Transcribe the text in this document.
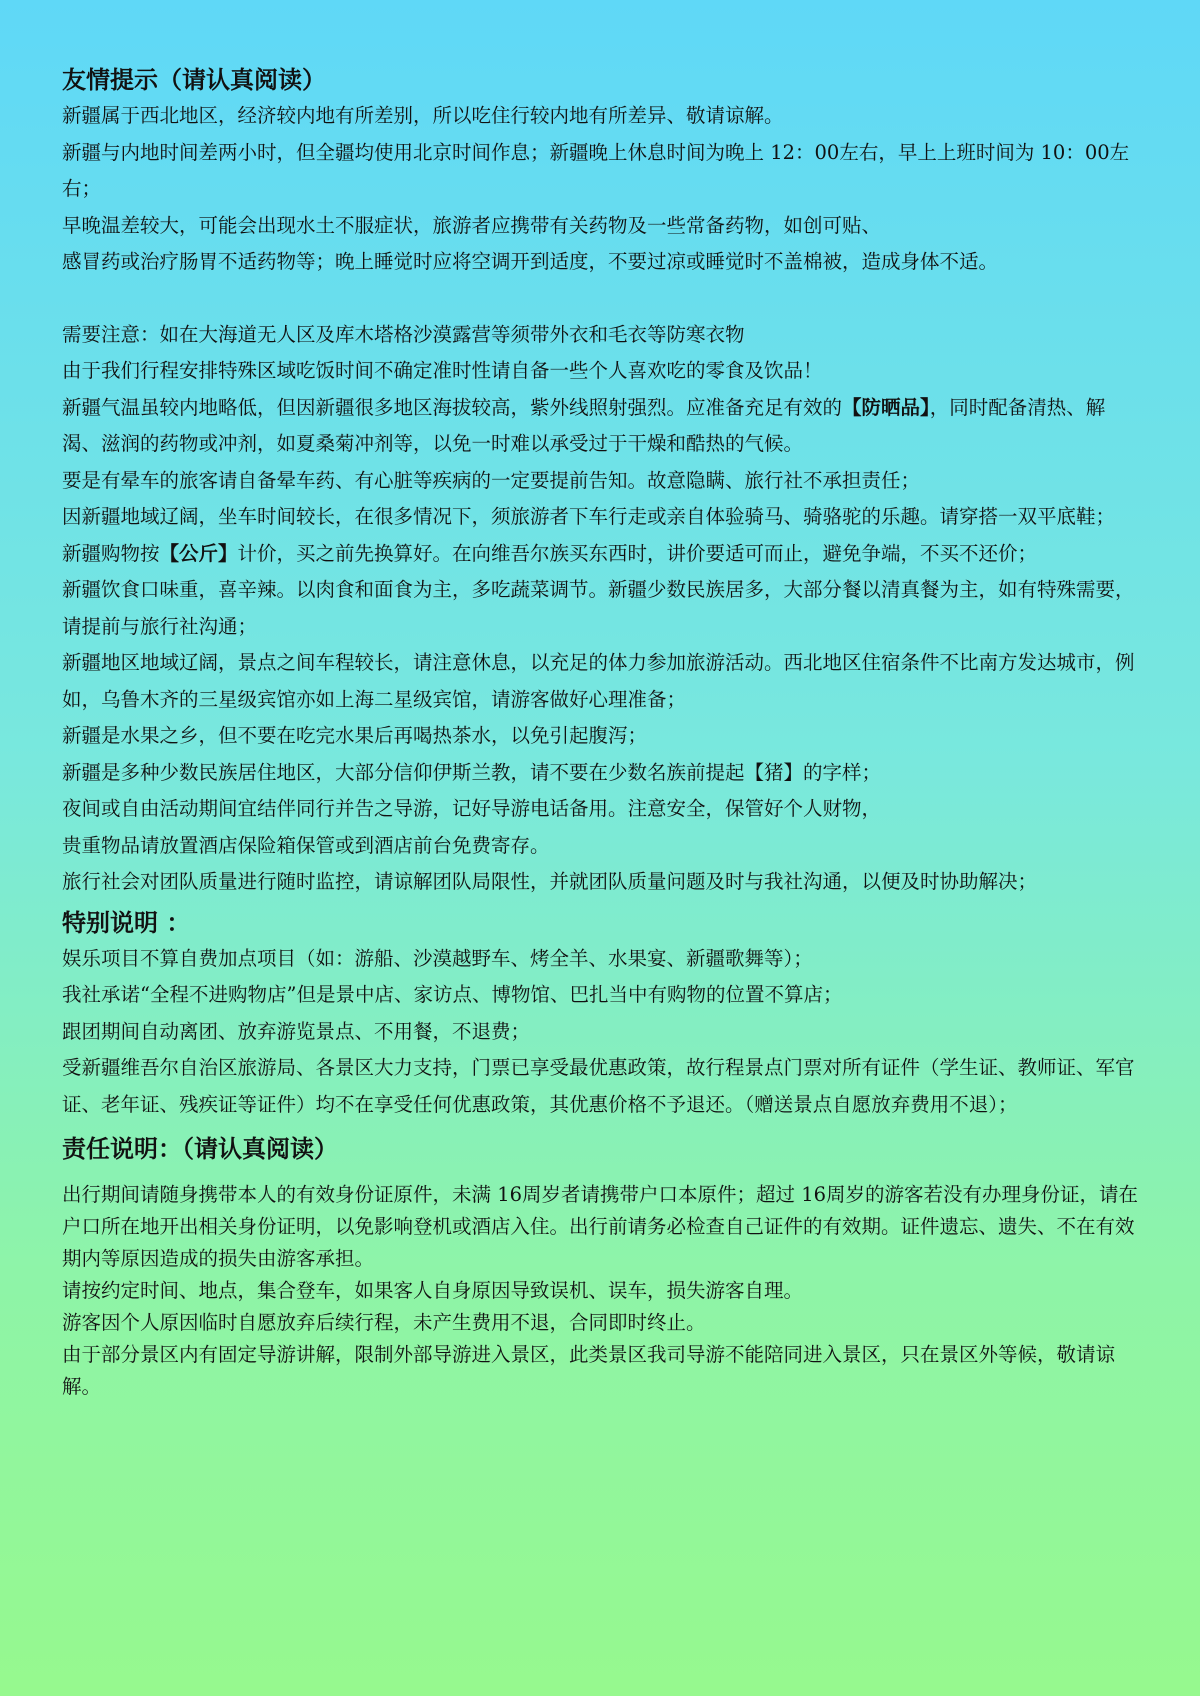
友情提示（请认真阅读）

新疆属于西北地区，经济较内地有所差别，所以吃住行较内地有所差异、敬请谅解。

新疆与内地时间差两小时，但全疆均使用北京时间作息；新疆晚上休息时间为晚上 12：00左右，早上上班时间为 10：00左右；

早晚温差较大，可能会出现水土不服症状，旅游者应携带有关药物及一些常备药物，如创可贴、

感冒药或治疗肠胃不适药物等；晚上睡觉时应将空调开到适度，不要过凉或睡觉时不盖棉被，造成身体不适。

需要注意：如在大海道无人区及库木塔格沙漠露营等须带外衣和毛衣等防寒衣物

由于我们行程安排特殊区域吃饭时间不确定准时性请自备一些个人喜欢吃的零食及饮品！

新疆气温虽较内地略低，但因新疆很多地区海拔较高，紫外线照射强烈。应准备充足有效的【防晒品】，同时配备清热、解渴、滋润的药物或冲剂，如夏桑菊冲剂等，以免一时难以承受过于干燥和酷热的气候。

要是有晕车的旅客请自备晕车药、有心脏等疾病的一定要提前告知。故意隐瞒、旅行社不承担责任；

因新疆地域辽阔，坐车时间较长，在很多情况下，须旅游者下车行走或亲自体验骑马、骑骆驼的乐趣。请穿搭一双平底鞋；

新疆购物按【公斤】计价，买之前先换算好。在向维吾尔族买东西时，讲价要适可而止，避免争端，不买不还价；

新疆饮食口味重，喜辛辣。以肉食和面食为主，多吃蔬菜调节。新疆少数民族居多，大部分餐以清真餐为主，如有特殊需要，请提前与旅行社沟通；

新疆地区地域辽阔，景点之间车程较长，请注意休息，以充足的体力参加旅游活动。西北地区住宿条件不比南方发达城市，例如，乌鲁木齐的三星级宾馆亦如上海二星级宾馆，请游客做好心理准备；

新疆是水果之乡，但不要在吃完水果后再喝热茶水，以免引起腹泻；

新疆是多种少数民族居住地区，大部分信仰伊斯兰教，请不要在少数名族前提起【猪】的字样；

夜间或自由活动期间宜结伴同行并告之导游，记好导游电话备用。注意安全，保管好个人财物，

贵重物品请放置酒店保险箱保管或到酒店前台免费寄存。

旅行社会对团队质量进行随时监控，请谅解团队局限性，并就团队质量问题及时与我社沟通，以便及时协助解决；

特别说明 ：

娱乐项目不算自费加点项目（如：游船、沙漠越野车、烤全羊、水果宴、新疆歌舞等）；

我社承诺“全程不进购物店”但是景中店、家访点、博物馆、巴扎当中有购物的位置不算店；

跟团期间自动离团、放弃游览景点、不用餐，不退费；

受新疆维吾尔自治区旅游局、各景区大力支持，门票已享受最优惠政策，故行程景点门票对所有证件（学生证、教师证、军官证、老年证、残疾证等证件）均不在享受任何优惠政策，其优惠价格不予退还。（赠送景点自愿放弃费用不退）；

责任说明：（请认真阅读）

出行期间请随身携带本人的有效身份证原件，未满 16周岁者请携带户口本原件；超过 16周岁的游客若没有办理身份证，请在户口所在地开出相关身份证明，以免影响登机或酒店入住。出行前请务必检查自己证件的有效期。证件遗忘、遗失、不在有效期内等原因造成的损失由游客承担。

请按约定时间、地点，集合登车，如果客人自身原因导致误机、误车，损失游客自理。

游客因个人原因临时自愿放弃后续行程，未产生费用不退，合同即时终止。

由于部分景区内有固定导游讲解，限制外部导游进入景区，此类景区我司导游不能陪同进入景区，只在景区外等候，敬请谅解。
